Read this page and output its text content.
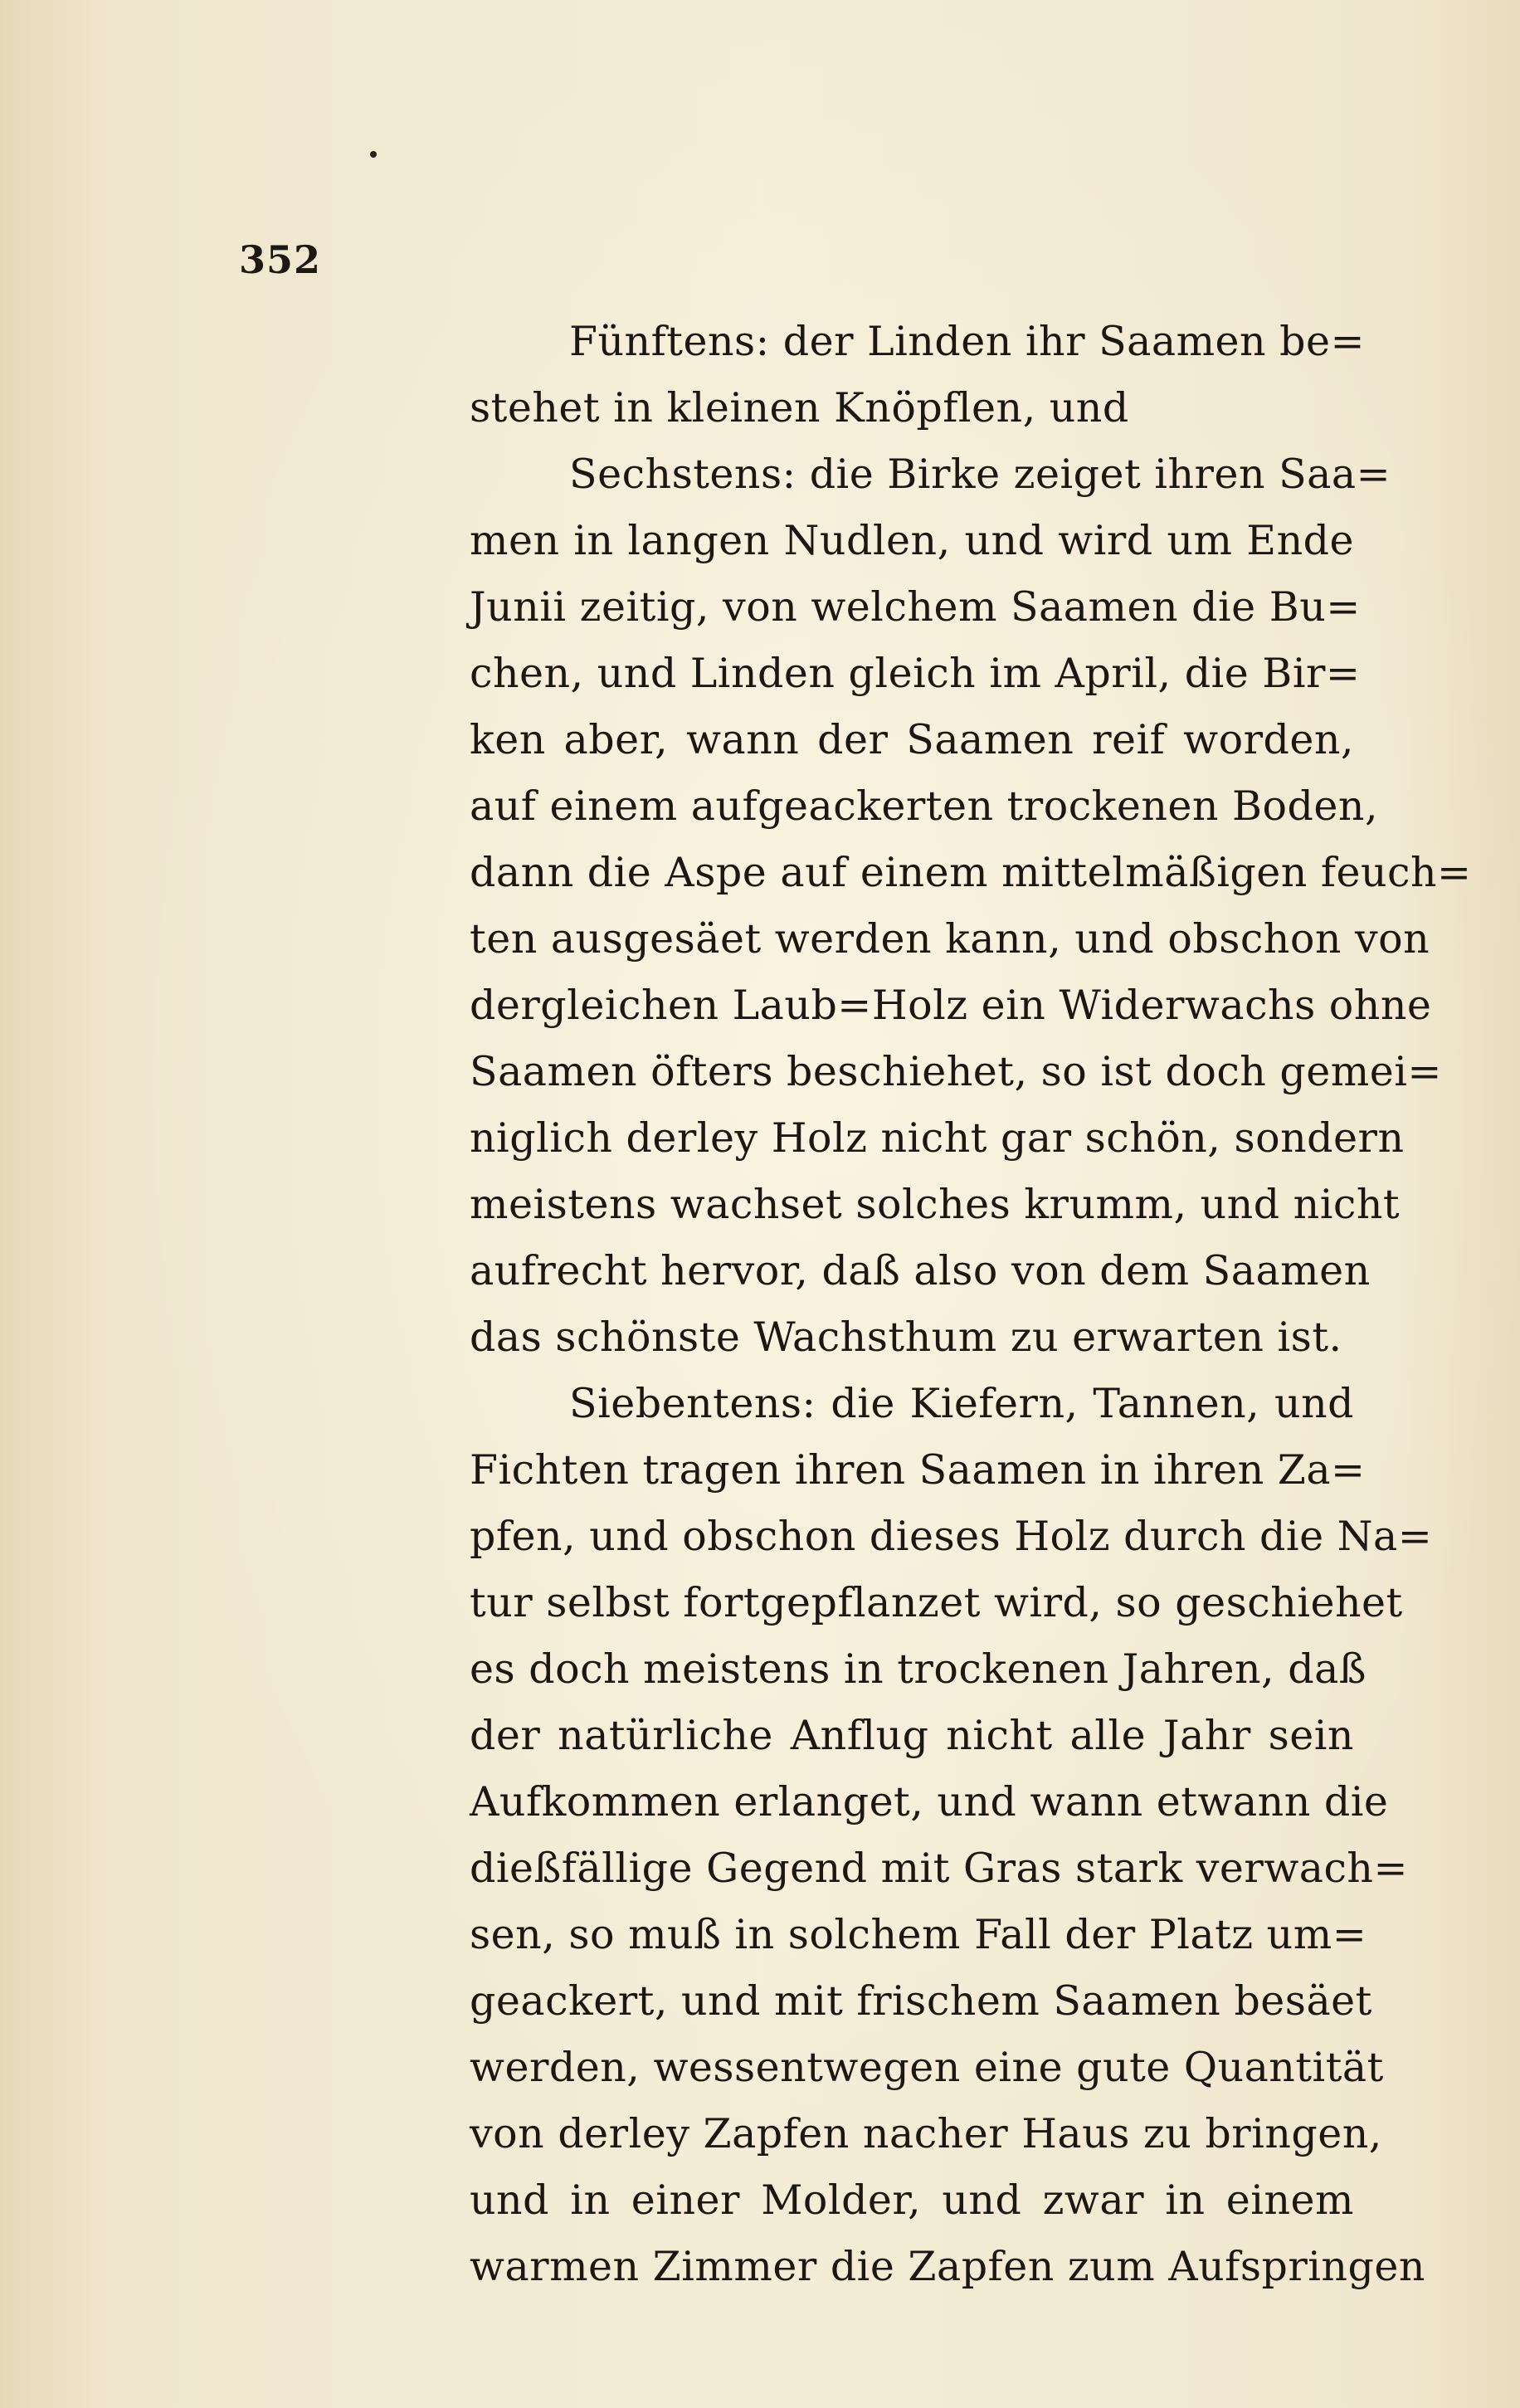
352
Fünftens: der Linden ihr Saamen be=
stehet in kleinen Knöpflen, und
Sechstens: die Birke zeiget ihren Saa=
men in langen Nudlen, und wird um Ende
Junii zeitig, von welchem Saamen die Bu=
chen, und Linden gleich im April, die Bir=
ken aber, wann der Saamen reif worden,
auf einem aufgeackerten trockenen Boden,
dann die Aspe auf einem mittelmäßigen feuch=
ten ausgesäet werden kann, und obschon von
dergleichen Laub=Holz ein Widerwachs ohne
Saamen öfters beschiehet, so ist doch gemei=
niglich derley Holz nicht gar schön, sondern
meistens wachset solches krumm, und nicht
aufrecht hervor, daß also von dem Saamen
das schönste Wachsthum zu erwarten ist.
Siebentens: die Kiefern, Tannen, und
Fichten tragen ihren Saamen in ihren Za=
pfen, und obschon dieses Holz durch die Na=
tur selbst fortgepflanzet wird, so geschiehet
es doch meistens in trockenen Jahren, daß
der natürliche Anflug nicht alle Jahr sein
Aufkommen erlanget, und wann etwann die
dießfällige Gegend mit Gras stark verwach=
sen, so muß in solchem Fall der Platz um=
geackert, und mit frischem Saamen besäet
werden, wessentwegen eine gute Quantität
von derley Zapfen nacher Haus zu bringen,
und in einer Molder, und zwar in einem
warmen Zimmer die Zapfen zum Aufspringen
